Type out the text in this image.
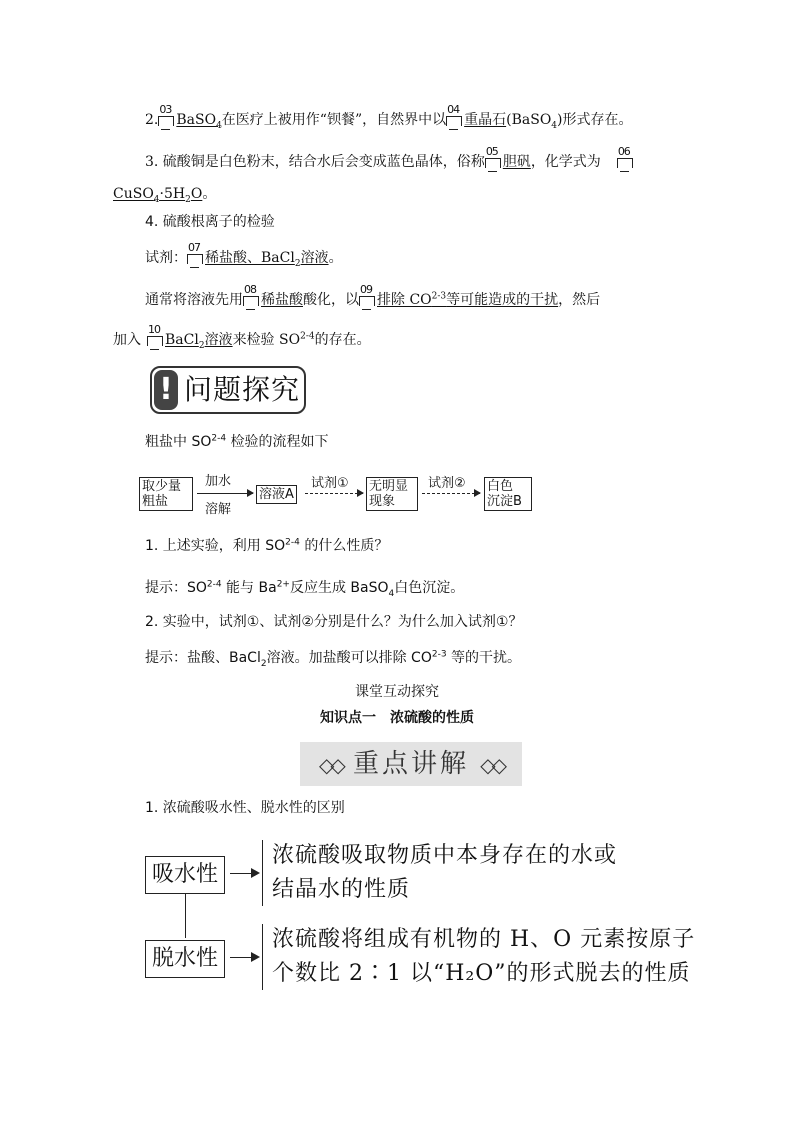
2.
03
BaSO$_4$在医疗上被用作“钡餐”，自然界中以
04
重晶石(BaSO$_4$)形式存在。
3. 硫酸铜是白色粉末，结合水后会变成蓝色晶体，俗称
05
胆矾，化学式为
06
$CuSO_4\cdot 5H_2O$。
4. 硫酸根离子的检验
试剂：
07
稀盐酸、BaCl$_2$溶液。
通常将溶液先用
08
稀盐酸酸化，以
09
排除 CO$^{2-3}$等可能造成的干扰，然后
加入
10
BaCl$_2$溶液来检验 SO$^{2-4}$的存在。
! 问题探究
粗盐中 SO$^{2-4}$ 检验的流程如下
取少量
粗盐
加水
溶解
溶液A
试剂① 无明显
现象
试剂② 白色
沉淀B
1. 上述实验，利用 SO$^{2-4}$ 的什么性质？
提示：SO$^{2-4}$ 能与 $Ba^{2+}$反应生成 BaSO$_4$白色沉淀。
2. 实验中，试剂①、试剂②分别是什么？为什么加入试剂①？
提示：盐酸、BaCl$_2$溶液。加盐酸可以排除 CO$^{2-3}$ 等的干扰。
课堂互动探究
知识点一　浓硫酸的性质
◇◇ 重点讲解 ◇◇
1. 浓硫酸吸水性、脱水性的区别
吸水性
浓硫酸吸取物质中本身存在的水或
结晶水的性质
脱水性
浓硫酸将组成有机物的 H、O 元素按原子
个数比 2∶1 以“H₂O”的形式脱去的性质
